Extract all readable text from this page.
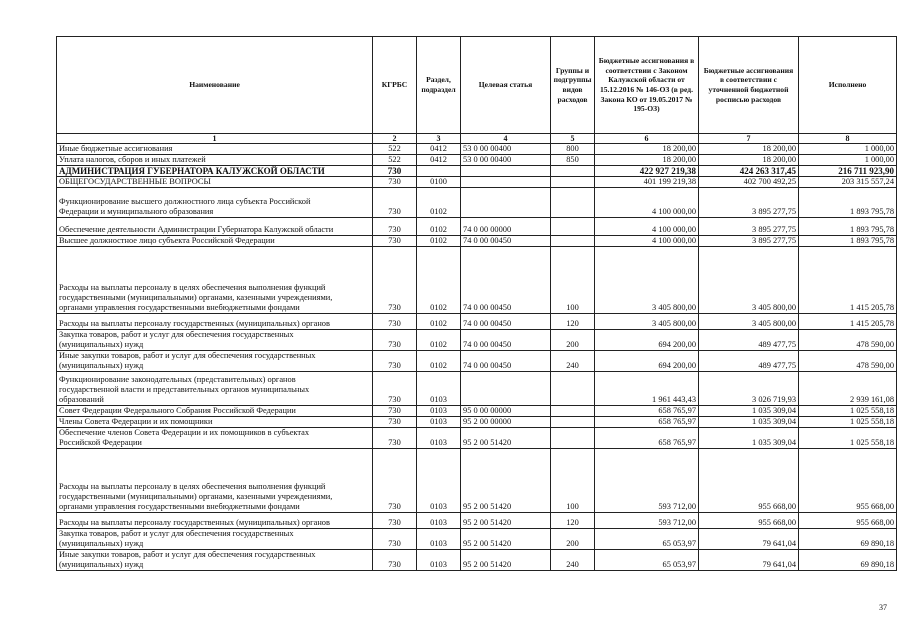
Наименование	КГРБС	Раздел, подраздел	Целевая статья	Группы и подгруппы видов расходов	Бюджетные ассигнования в соответствии с Законом Калужской области от 15.12.2016 № 146-ОЗ (в ред. Закона КО от 19.05.2017 № 195-ОЗ)	Бюджетные ассигнования в соответствии с уточненной бюджетной росписью расходов	Исполнено
1	2	3	4	5	6	7	8
Иные бюджетные ассигнования	522	0412	53 0 00 00400	800	18 200,00	18 200,00	1 000,00
Уплата налогов, сборов и иных платежей	522	0412	53 0 00 00400	850	18 200,00	18 200,00	1 000,00
АДМИНИСТРАЦИЯ ГУБЕРНАТОРА КАЛУЖСКОЙ ОБЛАСТИ	730				422 927 219,38	424 263 317,45	216 711 923,90
ОБЩЕГОСУДАРСТВЕННЫЕ ВОПРОСЫ	730	0100			401 199 219,38	402 700 492,25	203 315 557,24
Функционирование высшего должностного лица субъекта Российской
Федерации и муниципального образования	730	0102			4 100 000,00	3 895 277,75	1 893 795,78
Обеспечение деятельности Администрации Губернатора Калужской области	730	0102	74 0 00 00000		4 100 000,00	3 895 277,75	1 893 795,78
Высшее должностное лицо субъекта Российской Федерации	730	0102	74 0 00 00450		4 100 000,00	3 895 277,75	1 893 795,78
Расходы на выплаты персоналу в целях обеспечения выполнения функций
государственными (муниципальными) органами, казенными учреждениями,
органами управления государственными внебюджетными фондами	730	0102	74 0 00 00450	100	3 405 800,00	3 405 800,00	1 415 205,78
Расходы на выплаты персоналу государственных (муниципальных) органов	730	0102	74 0 00 00450	120	3 405 800,00	3 405 800,00	1 415 205,78
Закупка товаров, работ и услуг для обеспечения государственных
(муниципальных) нужд	730	0102	74 0 00 00450	200	694 200,00	489 477,75	478 590,00
Иные закупки товаров, работ и услуг для обеспечения государственных
(муниципальных) нужд	730	0102	74 0 00 00450	240	694 200,00	489 477,75	478 590,00
Функционирование законодательных (представительных) органов
государственной власти и представительных органов муниципальных
образований	730	0103			1 961 443,43	3 026 719,93	2 939 161,08
Совет Федерации Федерального Собрания Российской Федерации	730	0103	95 0 00 00000		658 765,97	1 035 309,04	1 025 558,18
Члены Совета Федерации и их помощники	730	0103	95 2 00 00000		658 765,97	1 035 309,04	1 025 558,18
Обеспечение членов Совета Федерации и их помощников в субъектах
Российской Федерации	730	0103	95 2 00 51420		658 765,97	1 035 309,04	1 025 558,18
Расходы на выплаты персоналу в целях обеспечения выполнения функций
государственными (муниципальными) органами, казенными учреждениями,
органами управления государственными внебюджетными фондами	730	0103	95 2 00 51420	100	593 712,00	955 668,00	955 668,00
Расходы на выплаты персоналу государственных (муниципальных) органов	730	0103	95 2 00 51420	120	593 712,00	955 668,00	955 668,00
Закупка товаров, работ и услуг для обеспечения государственных
(муниципальных) нужд	730	0103	95 2 00 51420	200	65 053,97	79 641,04	69 890,18
Иные закупки товаров, работ и услуг для обеспечения государственных
(муниципальных) нужд	730	0103	95 2 00 51420	240	65 053,97	79 641,04	69 890,18
37
